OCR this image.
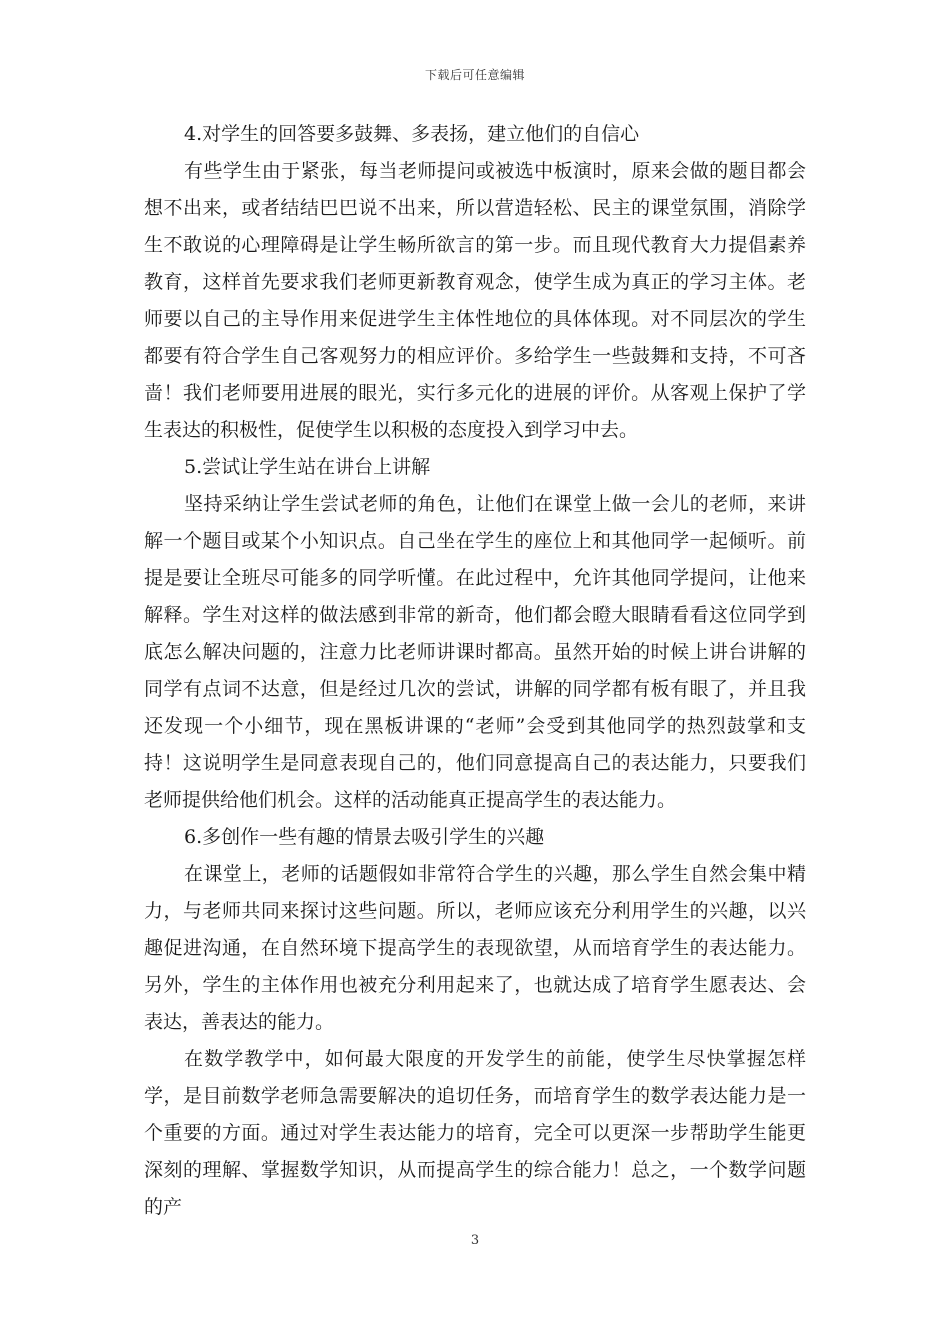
下载后可任意编辑

4.对学生的回答要多鼓舞、多表扬，建立他们的自信心

有些学生由于紧张，每当老师提问或被选中板演时，原来会做的题目都会想不出来，或者结结巴巴说不出来，所以营造轻松、民主的课堂氛围，消除学生不敢说的心理障碍是让学生畅所欲言的第一步。而且现代教育大力提倡素养教育，这样首先要求我们老师更新教育观念，使学生成为真正的学习主体。老师要以自己的主导作用来促进学生主体性地位的具体体现。对不同层次的学生都要有符合学生自己客观努力的相应评价。多给学生一些鼓舞和支持，不可吝啬！我们老师要用进展的眼光，实行多元化的进展的评价。从客观上保护了学生表达的积极性，促使学生以积极的态度投入到学习中去。

5.尝试让学生站在讲台上讲解

坚持采纳让学生尝试老师的角色，让他们在课堂上做一会儿的老师，来讲解一个题目或某个小知识点。自己坐在学生的座位上和其他同学一起倾听。前提是要让全班尽可能多的同学听懂。在此过程中，允许其他同学提问，让他来解释。学生对这样的做法感到非常的新奇，他们都会瞪大眼睛看看这位同学到底怎么解决问题的，注意力比老师讲课时都高。虽然开始的时候上讲台讲解的同学有点词不达意，但是经过几次的尝试，讲解的同学都有板有眼了，并且我还发现一个小细节，现在黑板讲课的“老师”会受到其他同学的热烈鼓掌和支持！这说明学生是同意表现自己的，他们同意提高自己的表达能力，只要我们老师提供给他们机会。这样的活动能真正提高学生的表达能力。

6.多创作一些有趣的情景去吸引学生的兴趣

在课堂上，老师的话题假如非常符合学生的兴趣，那么学生自然会集中精力，与老师共同来探讨这些问题。所以，老师应该充分利用学生的兴趣，以兴趣促进沟通，在自然环境下提高学生的表现欲望，从而培育学生的表达能力。另外，学生的主体作用也被充分利用起来了，也就达成了培育学生愿表达、会表达，善表达的能力。

在数学教学中，如何最大限度的开发学生的前能，使学生尽快掌握怎样学，是目前数学老师急需要解决的追切任务，而培育学生的数学表达能力是一个重要的方面。通过对学生表达能力的培育，完全可以更深一步帮助学生能更深刻的理解、掌握数学知识，从而提高学生的综合能力！总之，一个数学问题的产

3
